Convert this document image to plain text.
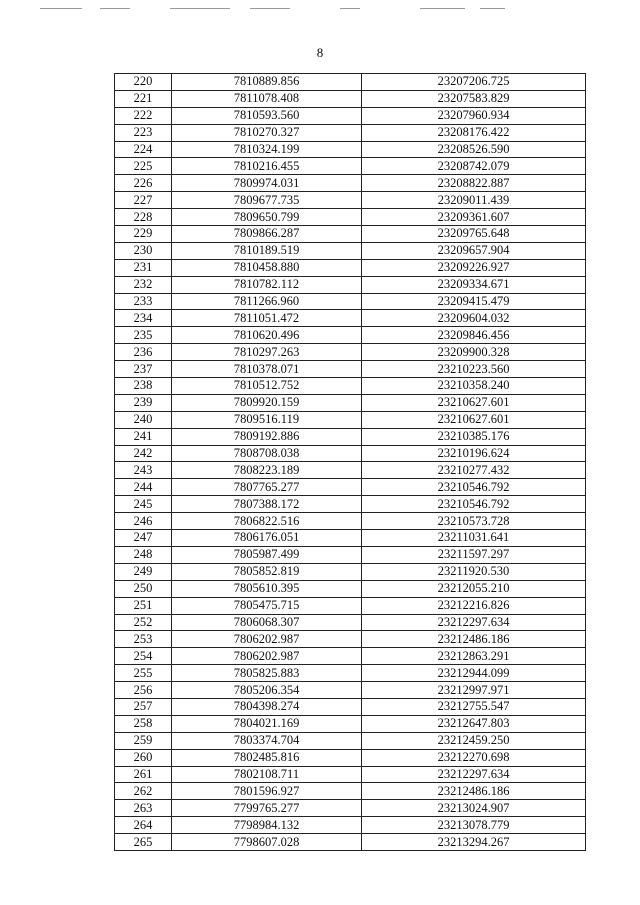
8
220	7810889.856	23207206.725
221	7811078.408	23207583.829
222	7810593.560	23207960.934
223	7810270.327	23208176.422
224	7810324.199	23208526.590
225	7810216.455	23208742.079
226	7809974.031	23208822.887
227	7809677.735	23209011.439
228	7809650.799	23209361.607
229	7809866.287	23209765.648
230	7810189.519	23209657.904
231	7810458.880	23209226.927
232	7810782.112	23209334.671
233	7811266.960	23209415.479
234	7811051.472	23209604.032
235	7810620.496	23209846.456
236	7810297.263	23209900.328
237	7810378.071	23210223.560
238	7810512.752	23210358.240
239	7809920.159	23210627.601
240	7809516.119	23210627.601
241	7809192.886	23210385.176
242	7808708.038	23210196.624
243	7808223.189	23210277.432
244	7807765.277	23210546.792
245	7807388.172	23210546.792
246	7806822.516	23210573.728
247	7806176.051	23211031.641
248	7805987.499	23211597.297
249	7805852.819	23211920.530
250	7805610.395	23212055.210
251	7805475.715	23212216.826
252	7806068.307	23212297.634
253	7806202.987	23212486.186
254	7806202.987	23212863.291
255	7805825.883	23212944.099
256	7805206.354	23212997.971
257	7804398.274	23212755.547
258	7804021.169	23212647.803
259	7803374.704	23212459.250
260	7802485.816	23212270.698
261	7802108.711	23212297.634
262	7801596.927	23212486.186
263	7799765.277	23213024.907
264	7798984.132	23213078.779
265	7798607.028	23213294.267
